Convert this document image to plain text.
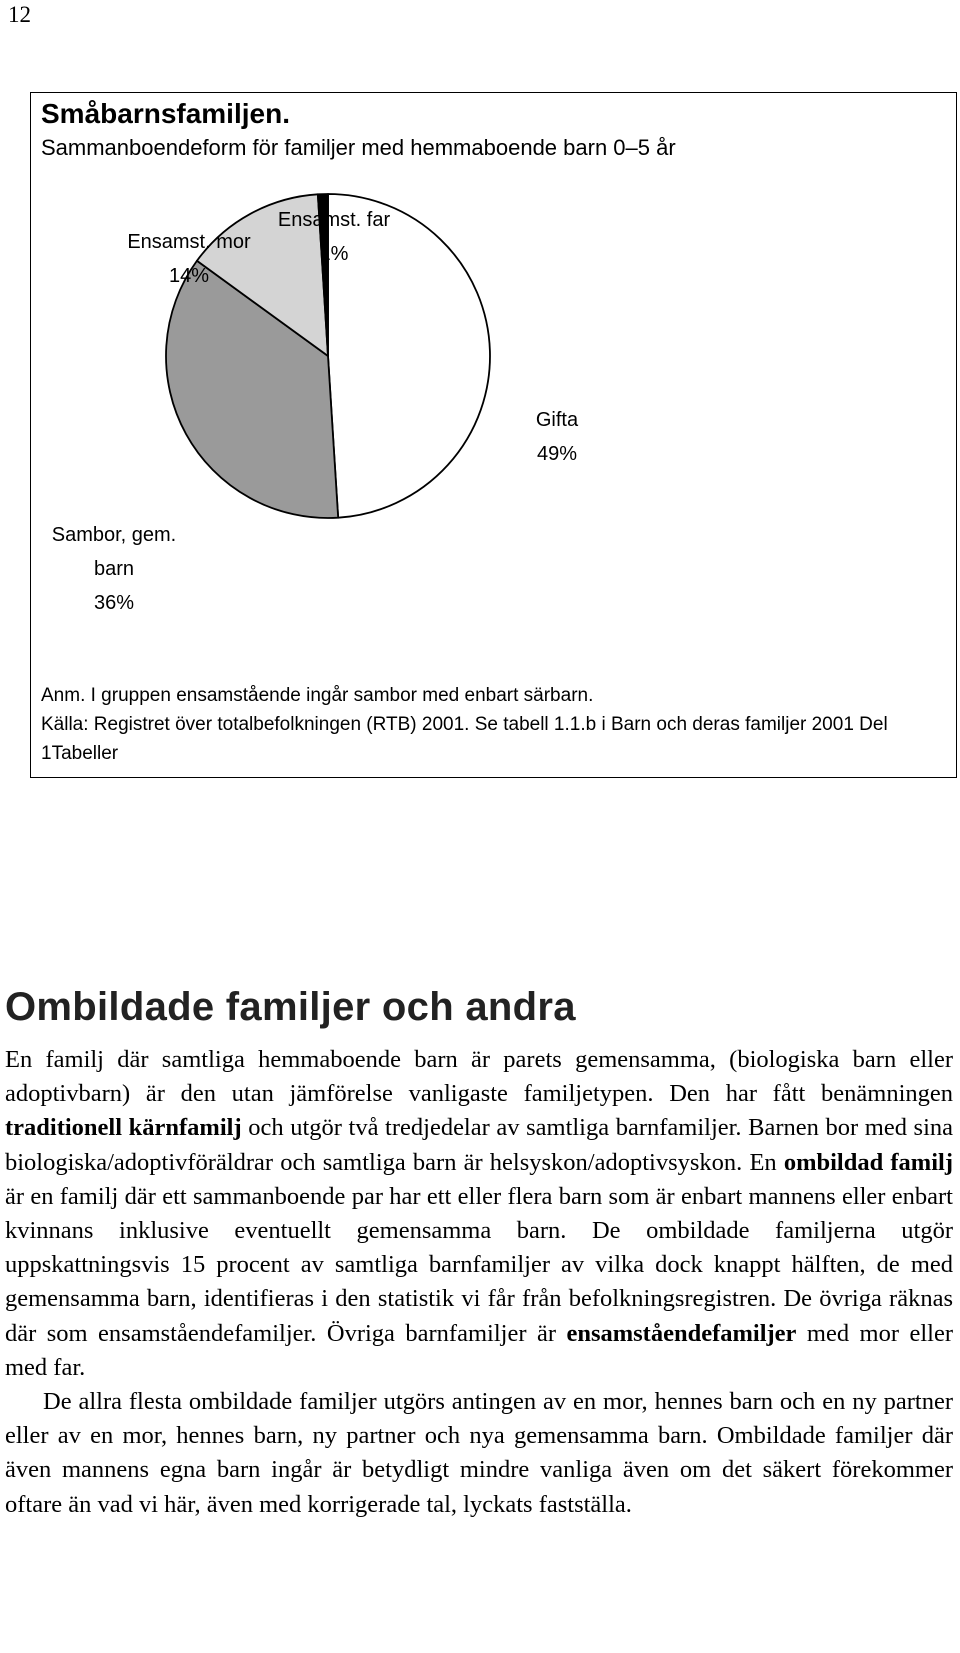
12
Småbarnsfamiljen.
Sammanboendeform för familjer med hemmaboende barn 0–5 år
Ensamst. mor
14%
Ensamst. far
1%
Gifta
49%
Sambor, gem.
barn
36%
Anm. I gruppen ensamstående ingår sambor med enbart särbarn.
Källa: Registret över totalbefolkningen (RTB) 2001. Se tabell 1.1.b i Barn och deras familjer 2001 Del 1Tabeller
Ombildade familjer och andra

En familj där samtliga hemmaboende barn är parets gemensamma, (biologiska barn eller adoptivbarn) är den utan jämförelse vanligaste familjetypen. Den har fått benämningen traditionell kärnfamilj och utgör två tredjedelar av samtliga barnfamiljer. Barnen bor med sina biologiska/adoptivföräldrar och samtliga barn är helsyskon/adoptivsyskon. En ombildad familj är en familj där ett sammanboende par har ett eller flera barn som är enbart mannens eller enbart kvinnans inklusive eventuellt gemensamma barn. De ombildade familjerna utgör uppskattningsvis 15 procent av samtliga barnfamiljer av vilka dock knappt hälften, de med gemensamma barn, identifieras i den statistik vi får från befolkningsregistren. De övriga räknas där som ensamståendefamiljer. Övriga barnfamiljer är ensamståendefamiljer med mor eller med far.

De allra flesta ombildade familjer utgörs antingen av en mor, hennes barn och en ny partner eller av en mor, hennes barn, ny partner och nya gemensamma barn. Ombildade familjer där även mannens egna barn ingår är betydligt mindre vanliga även om det säkert förekommer oftare än vad vi här, även med korrigerade tal, lyckats fastställa.
